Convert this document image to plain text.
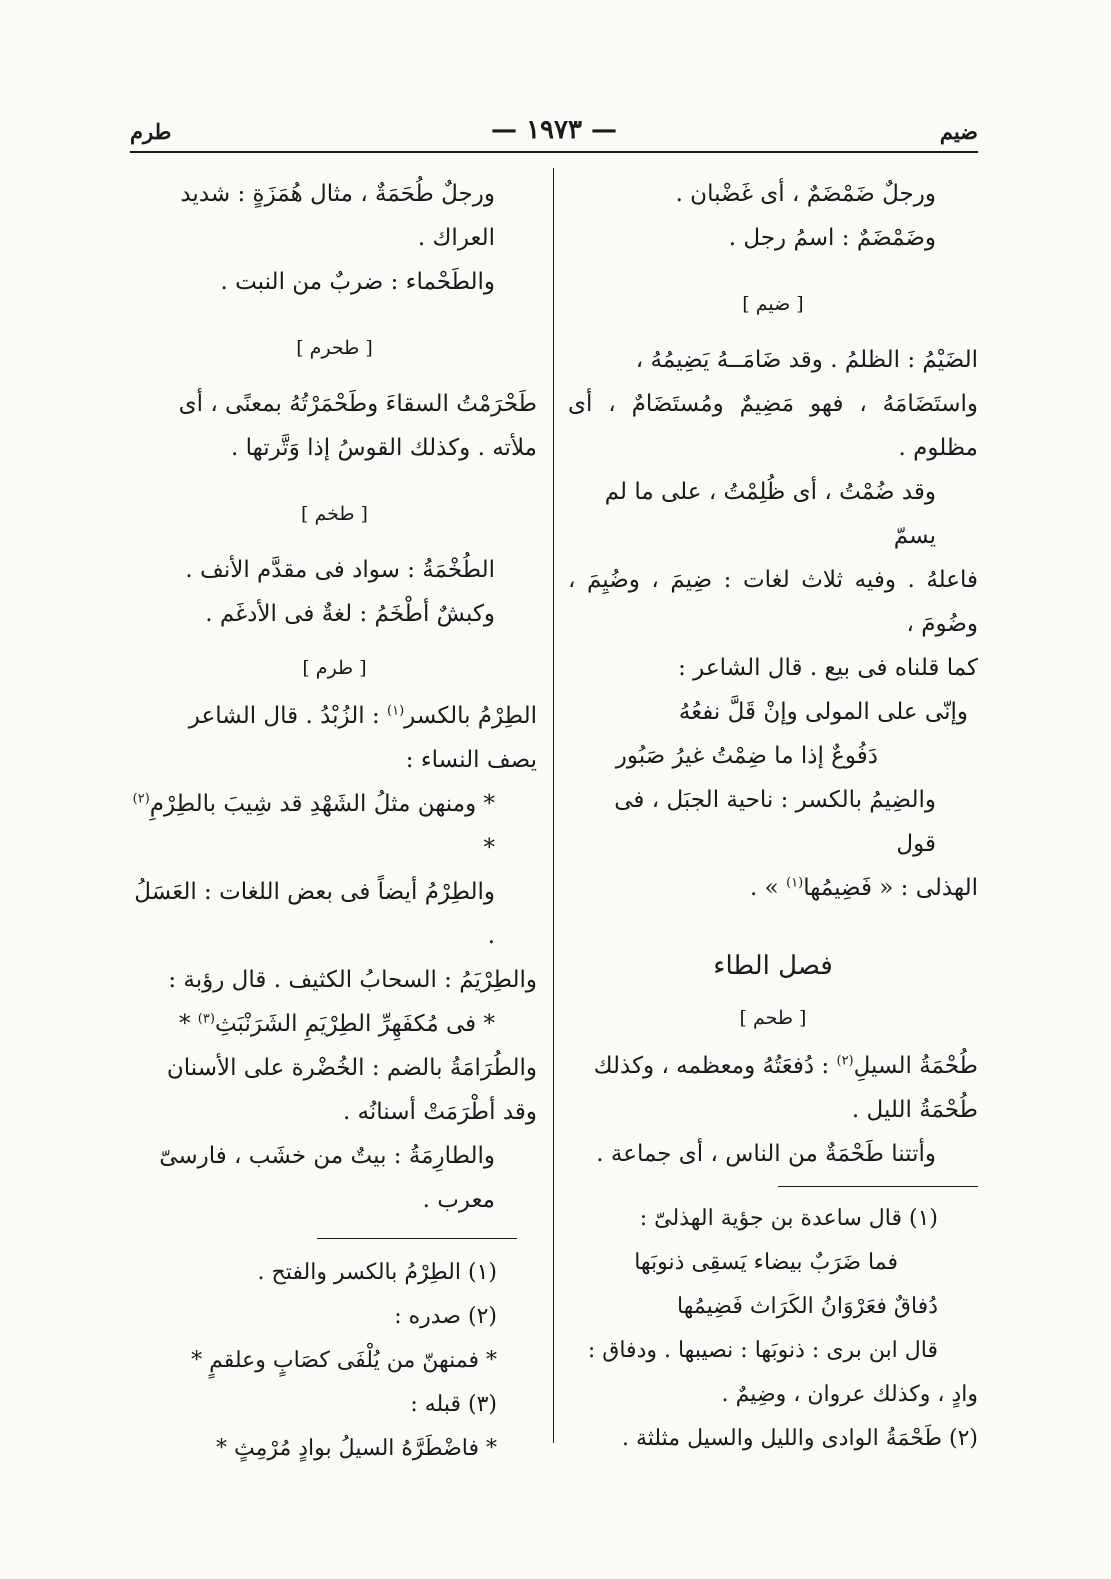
ضيم
— ١٩٧٣ —
طرم

ورجلٌ ضَمْضَمٌ ، أى غَضْبان .

وضَمْضَمٌ : اسمُ رجل .

[ ضيم ]

الضَيْمُ : الظلمُ . وقد ضَامَــهُ يَضِيمُهُ ،

واستَضَامَهُ ، فهو مَضِيمٌ ومُستَضَامٌ ، أى مظلوم .

وقد ضُمْتُ ، أى ظُلِمْتُ ، على ما لم يسمّ

فاعلهُ . وفيه ثلاث لغات : ضِيمَ ، وضُيِمَ ، وضُومَ ،

كما قلناه فى بيع . قال الشاعر :

وإنّى على المولى وإنْ قَلَّ نفعُهُ

دَفُوعٌ إذا ما ضِمْتُ غيرُ صَبُور

والضِيمُ بالكسر : ناحية الجبَل ، فى قول

الهذلى : « فَضِيمُها$^{(١)}$ » .

فصل الطاء
[ طحم ]

طُحْمَةُ السيلِ$^{(٢)}$ : دُفعَتُهُ ومعظمه ، وكذلك

طُحْمَةُ الليل .

وأتتنا طَحْمَةٌ من الناس ، أى جماعة .

(١) قال ساعدة بن جؤية الهذلىّ :

فما ضَرَبٌ بيضاء يَسقِى ذنوبَها

دُفاقٌ فعَرْوَانُ الكَرَاث فَضِيمُها

قال ابن برى : ذنوبَها : نصيبها . ودفاق :

وادٍ ، وكذلك عروان ، وضِيمٌ .

(٢) طَحْمَةُ الوادى والليل والسيل مثلثة .

ورجلٌ طُحَمَةٌ ، مثال هُمَزَةٍ : شديد العراك .

والطَحْماء : ضربٌ من النبت .

[ طحرم ]

طَحْرَمْتُ السقاءَ وطَحْمَرْتُهُ بمعنًى ، أى

ملأته . وكذلك القوسُ إذا وَتَّرتها .

[ طخم ]

الطُخْمَةُ : سواد فى مقدَّم الأنف .

وكبشٌ أطْخَمُ : لغةٌ فى الأدغَم .

[ طرم ]

الطِرْمُ بالكسر$^{(١)}$ : الزُبْدُ . قال الشاعر

يصف النساء :

* ومنهن مثلُ الشَهْدِ قد شِيبَ بالطِرْمِ$^{(٢)}$ *

والطِرْمُ أيضاً فى بعض اللغات : العَسَلُ .

والطِرْيَمُ : السحابُ الكثيف . قال رؤبة :

* فى مُكفَهِرِّ الطِرْيَمِ الشَرَنْبَثِ$^{(٣)}$ *

والطُرَامَةُ بالضم : الخُضْرة على الأسنان

وقد أطْرَمَتْ أسنانُه .

والطارِمَةُ : بيتٌ من خشَب ، فارسىّ معرب .

(١) الطِرْمُ بالكسر والفتح .

(٢) صدره :

* فمنهنّ من يُلْفَى كصَابٍ وعلقمٍ *

(٣) قبله :

* فاضْطَرَّهُ السيلُ بوادٍ مُرْمِثٍ *
